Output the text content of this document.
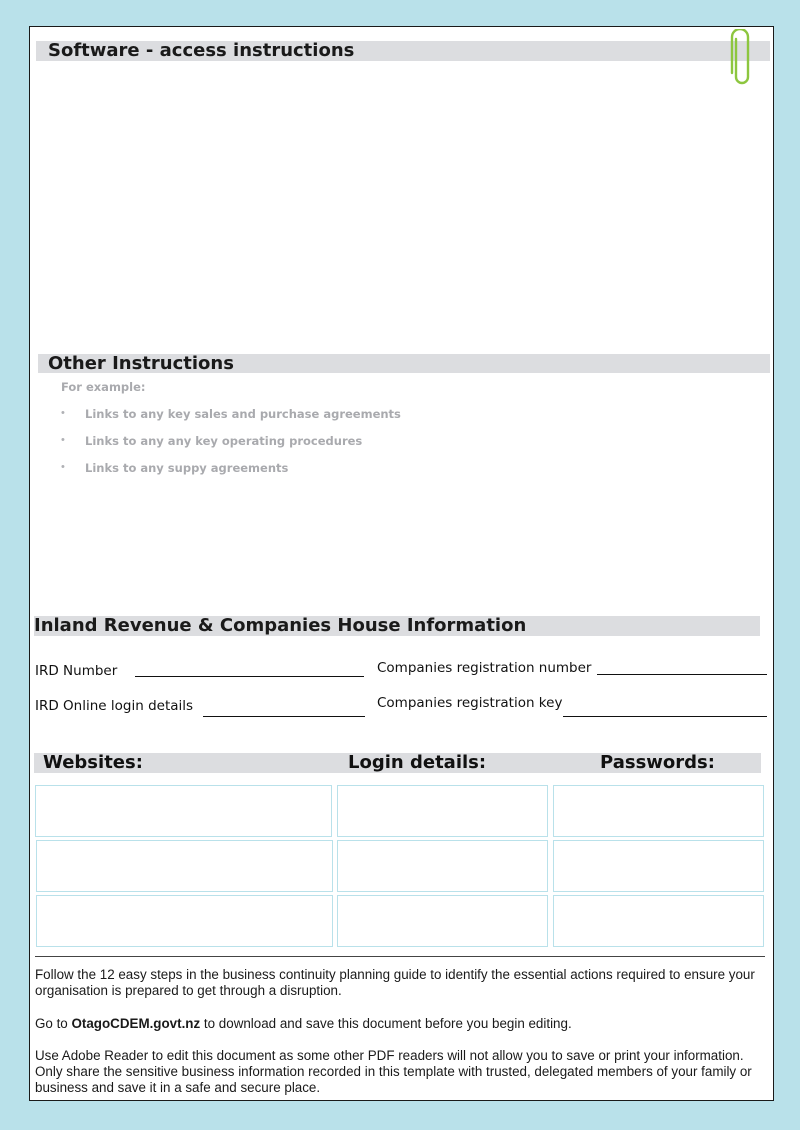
Software - access instructions
Other Instructions
For example:
• Links to any key sales and purchase agreements
• Links to any any key operating procedures
• Links to any suppy agreements
Inland Revenue & Companies House Information
IRD Number	Companies registration number
IRD Online login details	Companies registration key
Websites:	Login details:	Passwords:

Follow the 12 easy steps in the business continuity planning guide to identify the essential actions required to ensure your organisation is prepared to get through a disruption.

Go to OtagoCDEM.govt.nz to download and save this document before you begin editing.

Use Adobe Reader to edit this document as some other PDF readers will not allow you to save or print your information. Only share the sensitive business information recorded in this template with trusted, delegated members of your family or business and save it in a safe and secure place.
